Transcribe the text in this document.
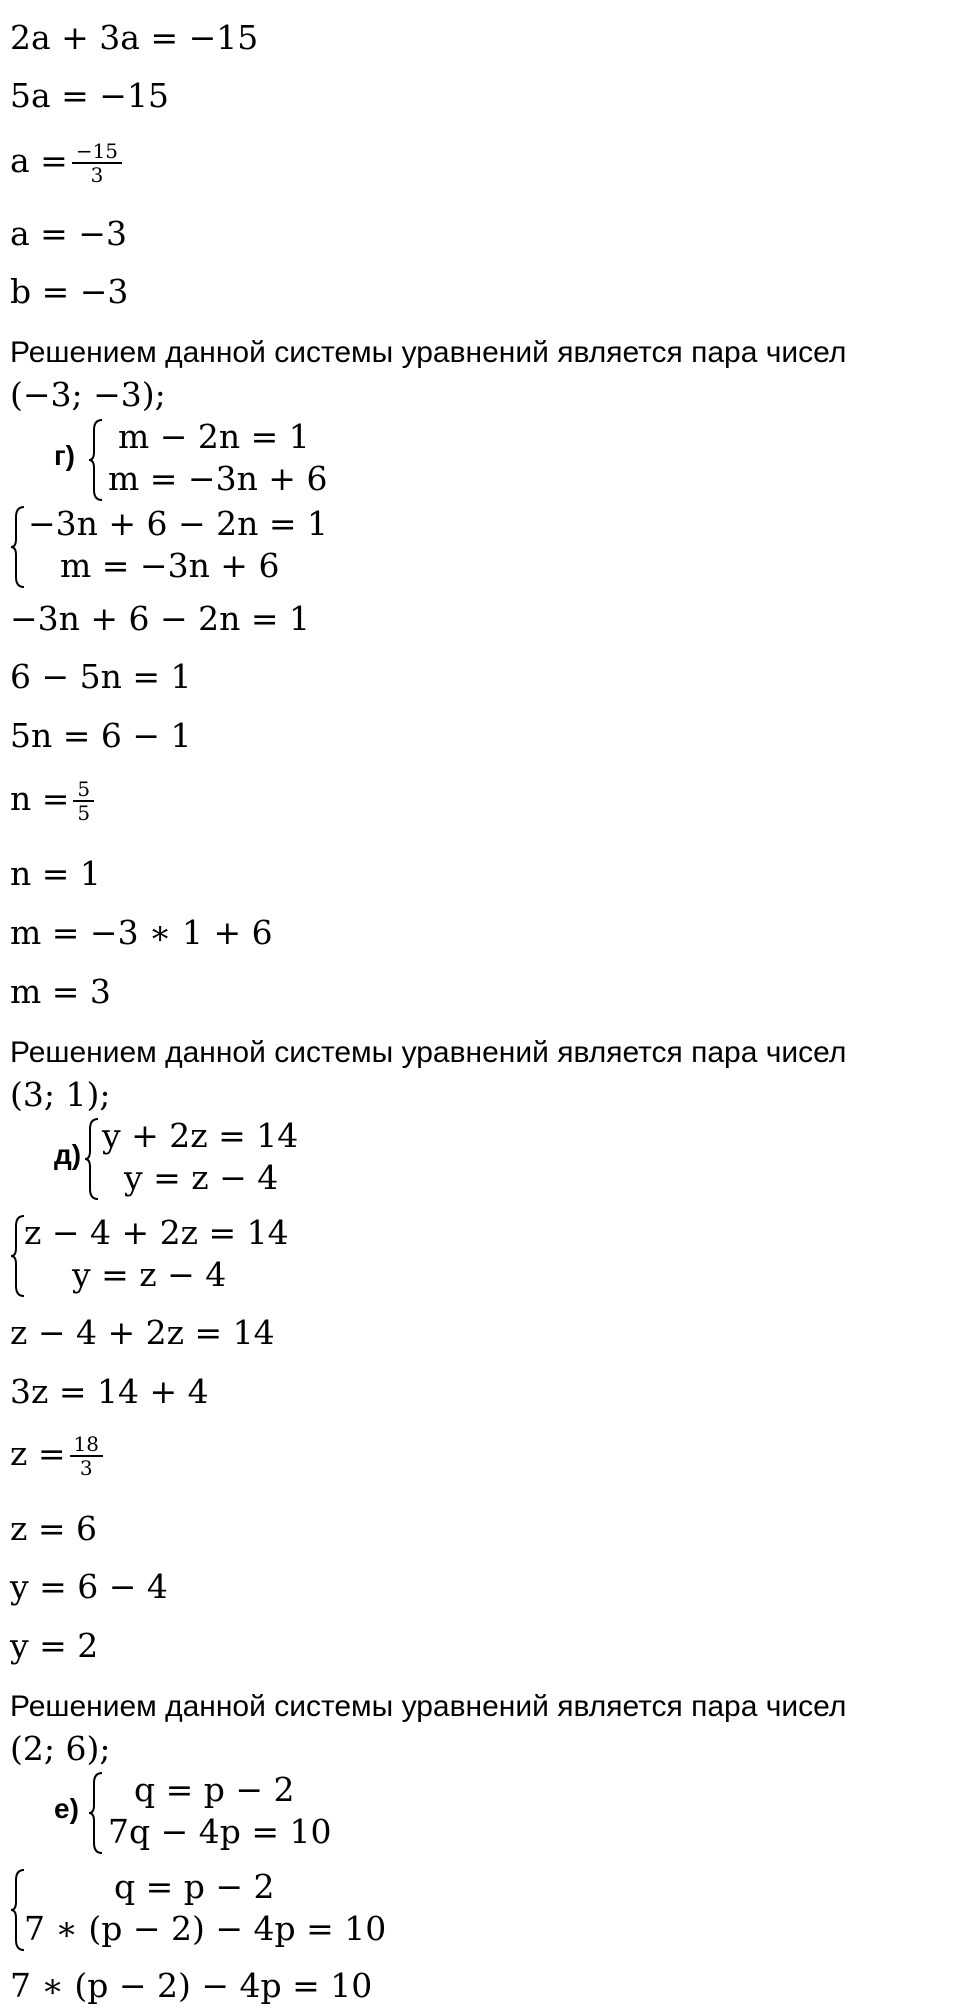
2a + 3a = −15
5a = −15
$a = \frac{-15}{3}$
a = −3
b = −3
Решением данной системы уравнений является пара чисел
(−3; −3);
г) m − 2n = 1
m = −3n + 6
−3n + 6 − 2n = 1
m = −3n + 6
−3n + 6 − 2n = 1
6 − 5n = 1
5n = 6 − 1
$n = \frac{5}{5}$
n = 1
m = −3 ∗ 1 + 6
m = 3
Решением данной системы уравнений является пара чисел
(3; 1);
д) y + 2z = 14
y = z − 4
z − 4 + 2z = 14
y = z − 4
z − 4 + 2z = 14
3z = 14 + 4
$z = \frac{18}{3}$
z = 6
y = 6 − 4
y = 2
Решением данной системы уравнений является пара чисел
(2; 6);
е) q = p − 2
7q − 4p = 10
q = p − 2
7 ∗ (p − 2) − 4p = 10
7 ∗ (p − 2) − 4p = 10
